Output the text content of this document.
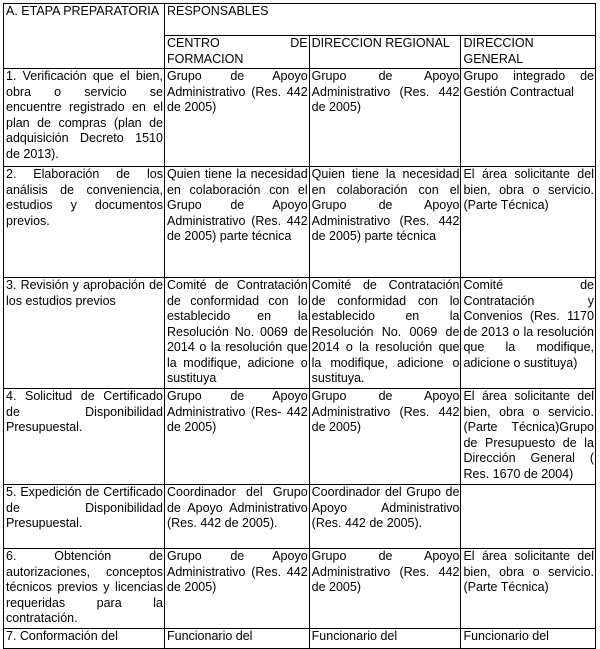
A. ETAPA PREPARATORIA	RESPONSABLES		
	CENTRO DE FORMACION	DIRECCION REGIONAL	DIRECCION GENERAL
1. Verificación que el bien, obra o servicio se encuentre registrado en el plan de compras (plan de adquisición Decreto 1510 de 2013).	Grupo de Apoyo Administrativo (Res. 442 de 2005)	Grupo de Apoyo Administrativo (Res. 442 de 2005)	Grupo integrado de Gestión Contractual
2. Elaboración de los análisis de conveniencia, estudios y documentos previos.	Quien tiene la necesidad en colaboración con el Grupo de Apoyo Administrativo (Res. 442 de 2005) parte técnica	Quien tiene la necesidad en colaboración con el Grupo de Apoyo Administrativo (Res. 442 de 2005) parte técnica	El área solicitante del bien, obra o servicio. (Parte Técnica)
3. Revisión y aprobación de los estudios previos	Comité de Contratación de conformidad con lo establecido en la Resolución No. 0069 de 2014 o la resolución que la modifique, adicione o sustituya	Comité de Contratación de conformidad con lo establecido en la Resolución No. 0069 de 2014 o la resolución que la modifique, adicione o sustituya.	Comité de Contratación y Convenios (Res. 1170 de 2013 o la resolución que la modifique, adicione o sustituya)
4. Solicitud de Certificado de Disponibilidad Presupuestal.	Grupo de Apoyo Administrativo (Res- 442 de 2005)	Grupo de Apoyo Administrativo (Res. 442 de 2005)	El área solicitante del bien, obra o servicio. (Parte Técnica)Grupo de Presupuesto de la Dirección General ( Res. 1670 de 2004)
5. Expedición de Certificado de Disponibilidad Presupuestal.	Coordinador del Grupo de Apoyo Administrativo (Res. 442 de 2005).	Coordinador del Grupo de Apoyo Administrativo (Res. 442 de 2005).	
6. Obtención de autorizaciones, conceptos técnicos previos y licencias requeridas para la contratación.	Grupo de Apoyo Administrativo (Res. 442 de 2005)	Grupo de Apoyo Administrativo (Res. 442 de 2005)	El área solicitante del bien, obra o servicio. (Parte Técnica)
7. Conformación del	Funcionario del	Funcionario del	Funcionario del
